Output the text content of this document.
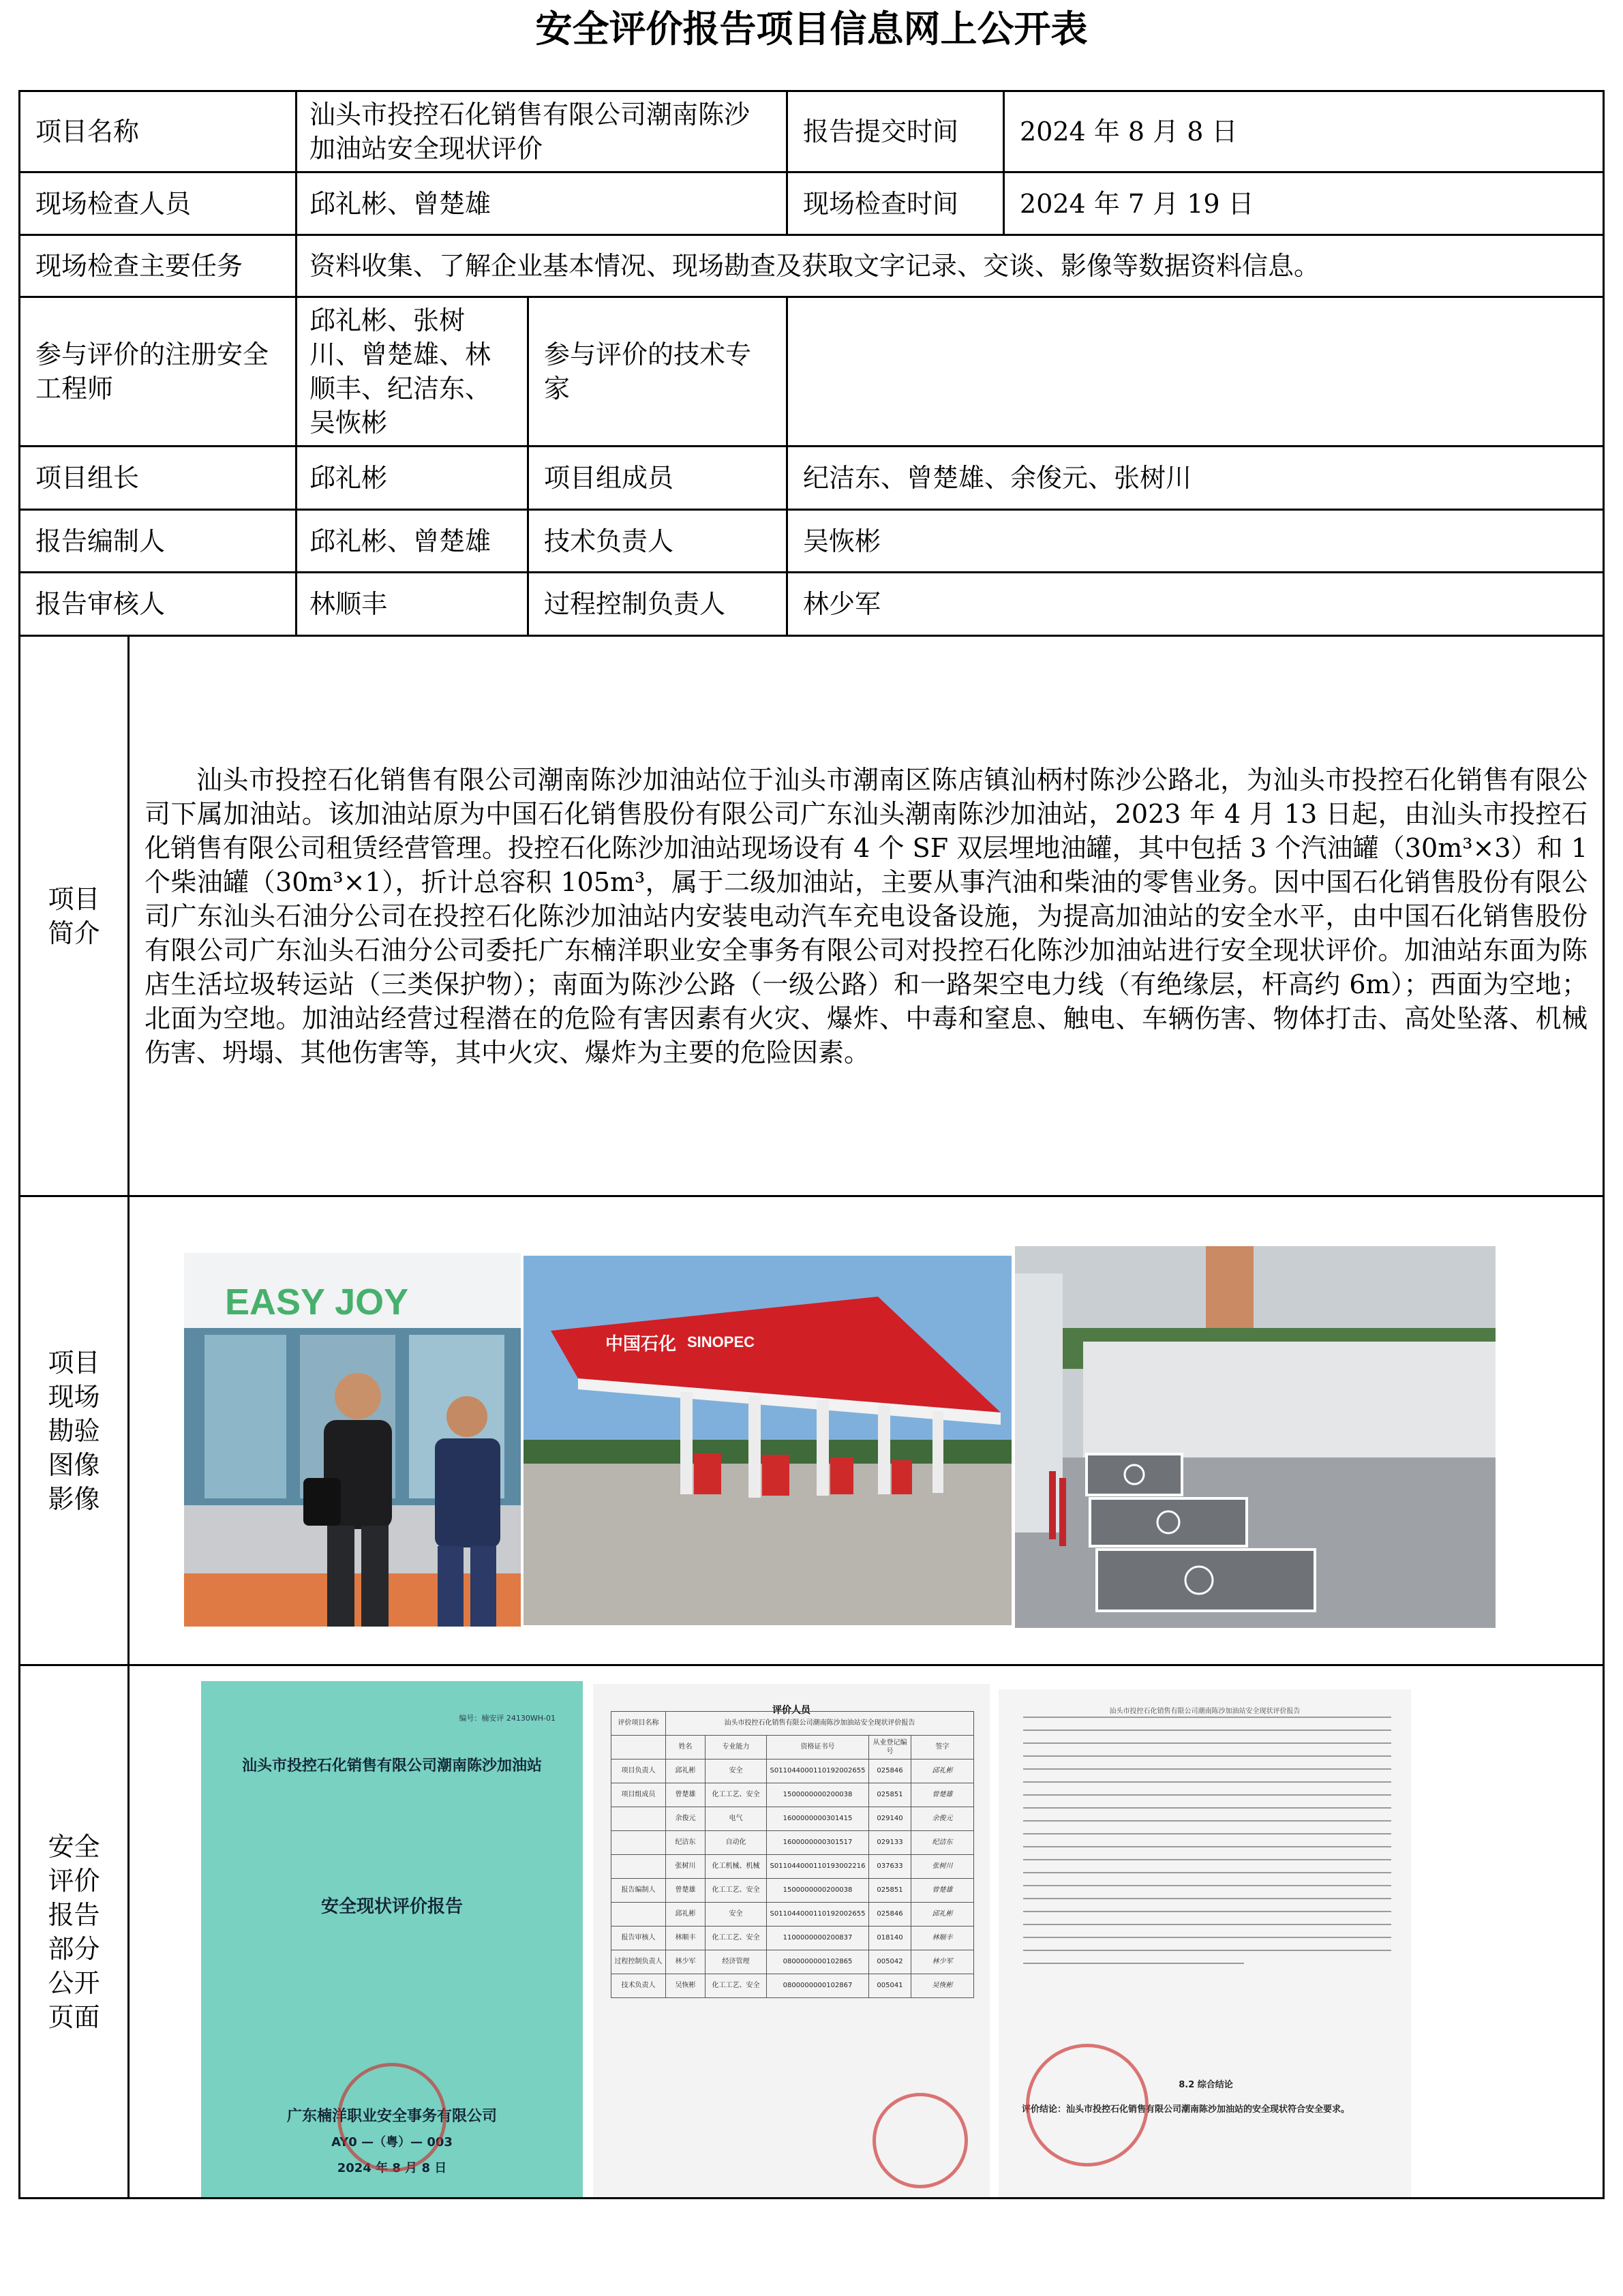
安全评价报告项目信息网上公开表
项目名称	汕头市投控石化销售有限公司潮南陈沙加油站安全现状评价	报告提交时间	2024 年 8 月 8 日
现场检查人员	邱礼彬、曾楚雄	现场检查时间	2024 年 7 月 19 日
现场检查主要任务	资料收集、了解企业基本情况、现场勘查及获取文字记录、交谈、影像等数据资料信息。
参与评价的注册安全工程师	邱礼彬、张树川、曾楚雄、林顺丰、纪洁东、吴恢彬	参与评价的技术专家	
项目组长	邱礼彬	项目组成员	纪洁东、曾楚雄、余俊元、张树川
报告编制人	邱礼彬、曾楚雄	技术负责人	吴恢彬
报告审核人	林顺丰	过程控制负责人	林少军
项目简介	汕头市投控石化销售有限公司潮南陈沙加油站位于汕头市潮南区陈店镇汕柄村陈沙公路北，为汕头市投控石化销售有限公司下属加油站。该加油站原为中国石化销售股份有限公司广东汕头潮南陈沙加油站，2023 年 4 月 13 日起，由汕头市投控石化销售有限公司租赁经营管理。投控石化陈沙加油站现场设有 4 个 SF 双层埋地油罐，其中包括 3 个汽油罐（30m³×3）和 1 个柴油罐（30m³×1），折计总容积 105m³，属于二级加油站，主要从事汽油和柴油的零售业务。因中国石化销售股份有限公司广东汕头石油分公司在投控石化陈沙加油站内安装电动汽车充电设备设施，为提高加油站的安全水平，由中国石化销售股份有限公司广东汕头石油分公司委托广东楠洋职业安全事务有限公司对投控石化陈沙加油站进行安全现状评价。加油站东面为陈店生活垃圾转运站（三类保护物）；南面为陈沙公路（一级公路）和一路架空电力线（有绝缘层，杆高约 6m）；西面为空地；北面为空地。加油站经营过程潜在的危险有害因素有火灾、爆炸、中毒和窒息、触电、车辆伤害、物体打击、高处坠落、机械伤害、坍塌、其他伤害等，其中火灾、爆炸为主要的危险因素。
项目现场勘验图像影像	
EASY JOY
中国石化 SINOPEC

安全评价报告部分公开页面	
编号：楠安评 24130WH-01
汕头市投控石化销售有限公司潮南陈沙加油站
安全现状评价报告
广东楠洋职业安全事务有限公司
AY0 —（粤）— 003
2024 年 8 月 8 日
评价人员
评价项目名称	汕头市投控石化销售有限公司潮南陈沙加油站安全现状评价报告
	姓名	专业能力	资格证书号	从业登记编号	签字
项目负责人	邱礼彬	安全	S011044000110192002655	025846	邱礼彬
项目组成员	曾楚雄	化工工艺、安全	1500000000200038	025851	曾楚雄
	余俊元	电气	1600000000301415	029140	余俊元
	纪洁东	自动化	1600000000301517	029133	纪洁东
	张树川	化工机械、机械	S011044000110193002216	037633	张树川
报告编制人	曾楚雄	化工工艺、安全	1500000000200038	025851	曾楚雄
	邱礼彬	安全	S011044000110192002655	025846	邱礼彬
报告审核人	林顺丰	化工工艺、安全	1100000000200837	018140	林顺丰
过程控制负责人	林少军	经济管理	0800000000102865	005042	林少军
技术负责人	吴恢彬	化工工艺、安全	0800000000102867	005041	吴恢彬
汕头市投控石化销售有限公司潮南陈沙加油站安全现状评价报告
8.2 综合结论
评价结论：汕头市投控石化销售有限公司潮南陈沙加油站的安全现状符合安全要求。
